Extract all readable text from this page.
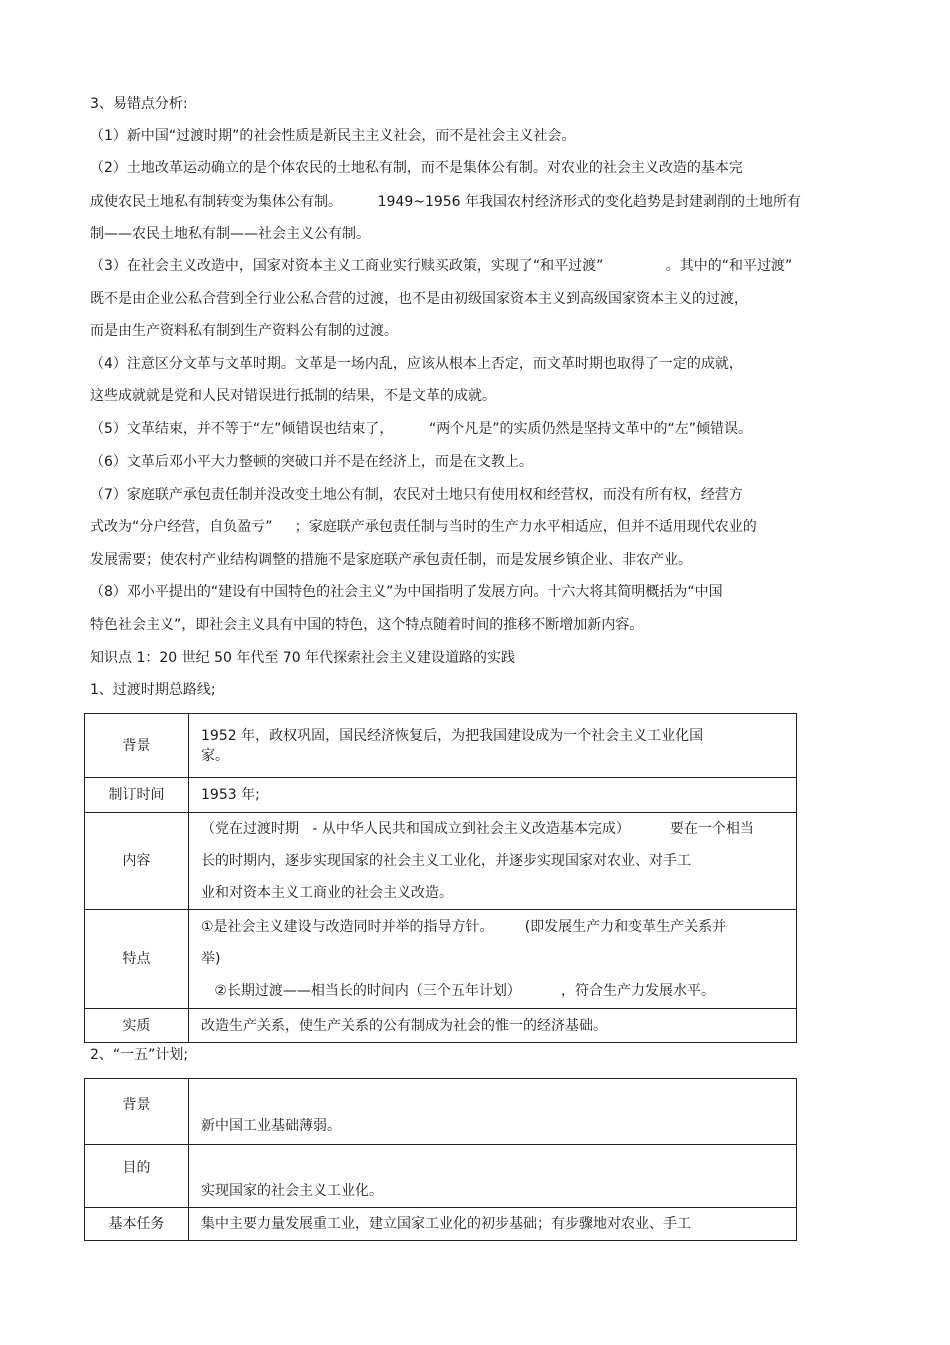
3、易错点分析:
（1）新中国“过渡时期”的社会性质是新民主主义社会，而不是社会主义社会。
（2）土地改革运动确立的是个体农民的土地私有制，而不是集体公有制。对农业的社会主义改造的基本完
成使农民土地私有制转变为集体公有制。        1949~1956 年我国农村经济形式的变化趋势是封建剥削的土地所有
制——农民土地私有制——社会主义公有制。
（3）在社会主义改造中，国家对资本主义工商业实行赎买政策，实现了“和平过渡”              。其中的“和平过渡”
既不是由企业公私合营到全行业公私合营的过渡，也不是由初级国家资本主义到高级国家资本主义的过渡，
而是由生产资料私有制到生产资料公有制的过渡。
（4）注意区分文革与文革时期。文革是一场内乱，应该从根本上否定，而文革时期也取得了一定的成就，
这些成就就是党和人民对错误进行抵制的结果，不是文革的成就。
（5）文革结束，并不等于“左”倾错误也结束了，        “两个凡是”的实质仍然是坚持文革中的“左”倾错误。
（6）文革后邓小平大力整顿的突破口并不是在经济上，而是在文教上。
（7）家庭联产承包责任制并没改变土地公有制，农民对土地只有使用权和经营权，而没有所有权，经营方
式改为“分户经营，自负盈亏”     ；家庭联产承包责任制与当时的生产力水平相适应，但并不适用现代农业的
发展需要；使农村产业结构调整的措施不是家庭联产承包责任制，而是发展乡镇企业、非农产业。
（8）邓小平提出的“建设有中国特色的社会主义”为中国指明了发展方向。十六大将其简明概括为“中国
特色社会主义”，即社会主义具有中国的特色，这个特点随着时间的推移不断增加新内容。
知识点 1：20 世纪 50 年代至 70 年代探索社会主义建设道路的实践
1、过渡时期总路线;
背景	1952 年，政权巩固，国民经济恢复后，为把我国建设成为一个社会主义工业化国
家。

制订时间	1953 年;

内容	（党在过渡时期   - 从中华人民共和国成立到社会主义改造基本完成）         要在一个相当
长的时期内，逐步实现国家的社会主义工业化，并逐步实现国家对农业、对手工
业和对资本主义工商业的社会主义改造。

特点	①是社会主义建设与改造同时并举的指导方针。       (即发展生产力和变革生产关系并
举)
②长期过渡——相当长的时间内（三个五年计划）         ，符合生产力发展水平。

实质	改造生产关系，使生产关系的公有制成为社会的惟一的经济基础。
2、“一五”计划;
背景	新中国工业基础薄弱。

目的	实现国家的社会主义工业化。

基本任务	集中主要力量发展重工业，建立国家工业化的初步基础；有步骤地对农业、手工
